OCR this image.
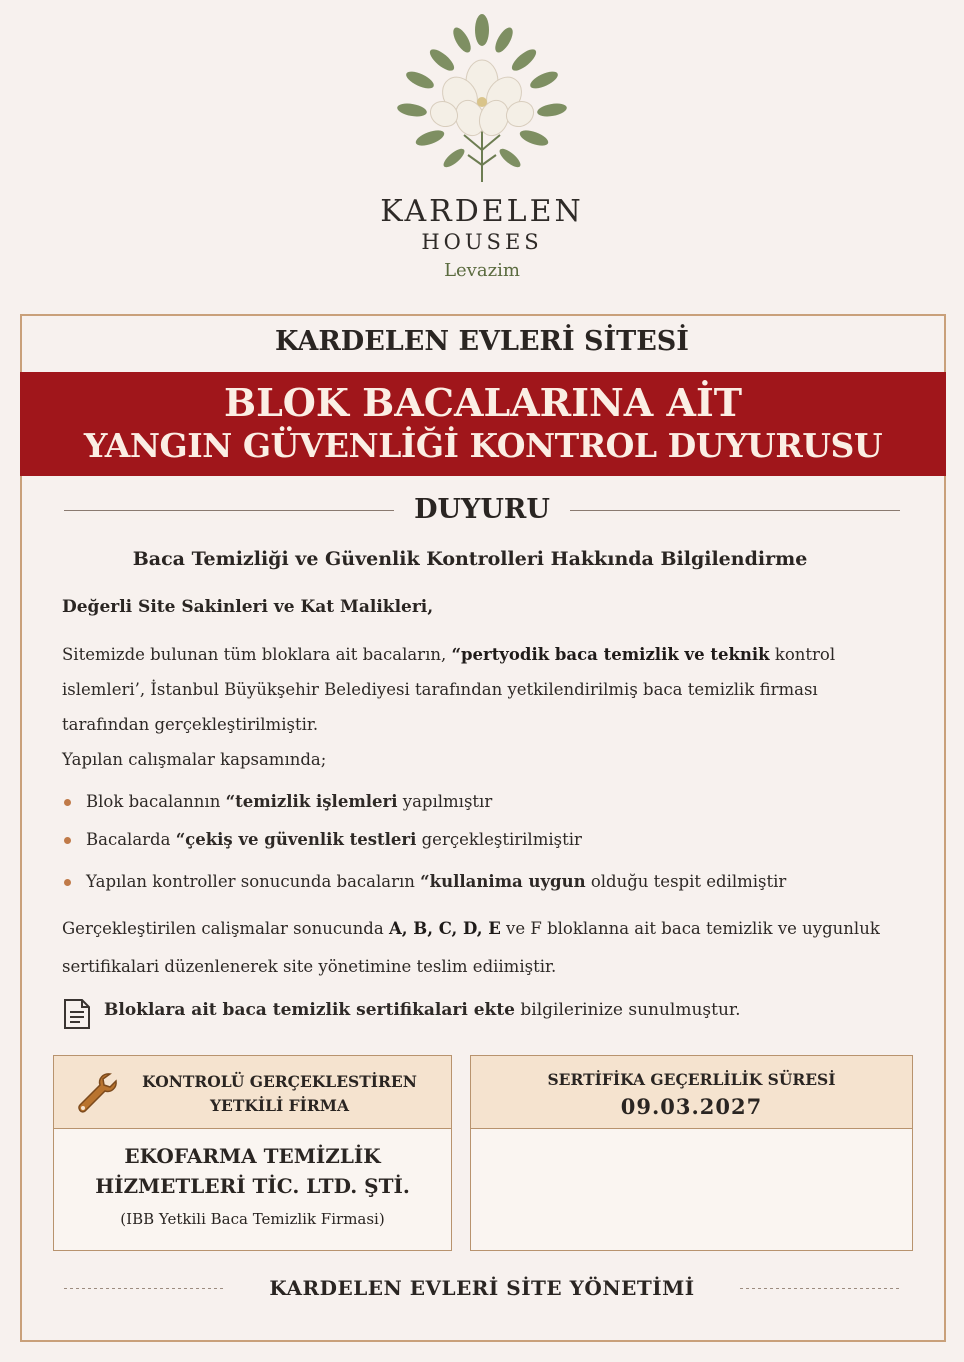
KARDELEN
HOUSES
Levazim
KARDELEN EVLERİ SİTESİ
BLOK BACALARINA AİT
YANGIN GÜVENLİĞİ KONTROL DUYURUSU
DUYURU
Baca Temizliği ve Güvenlik Kontrolleri Hakkında Bilgilendirme
Değerli Site Sakinleri ve Kat Malikleri,
Sitemizde bulunan tüm bloklara ait bacaların, “pertyodik baca temizlik ve teknik kontrol islemleri’, İstanbul Büyükşehir Belediyesi tarafından yetkilendirilmiş baca temizlik firması tarafından gerçekleştirilmiştir.
Yapılan calışmalar kapsamında;
Blok bacalannın “temizlik işlemleri yapılmıştır
Bacalarda “çekiş ve güvenlik testleri gerçekleştirilmiştir
Yapılan kontroller sonucunda bacaların “kullanima uygun olduğu tespit edilmiştir
Gerçekleştirilen calişmalar sonucunda A, B, C, D, E ve F bloklanna ait baca temizlik ve uygunluk sertifikalari düzenlenerek site yönetimine teslim ediimiştir.
Bloklara ait baca temizlik sertifikalari ekte bilgilerinize sunulmuştur.
KONTROLÜ GERÇEKLESTİREN
YETKİLİ FİRMA
EKOFARMA TEMİZLİK
HİZMETLERİ TİC. LTD. ŞTİ.
(IBB Yetkili Baca Temizlik Firmasi)
SERTİFİKA GEÇERLİLİK SÜRESİ
09.03.2027
KARDELEN EVLERİ SİTE YÖNETİMİ
